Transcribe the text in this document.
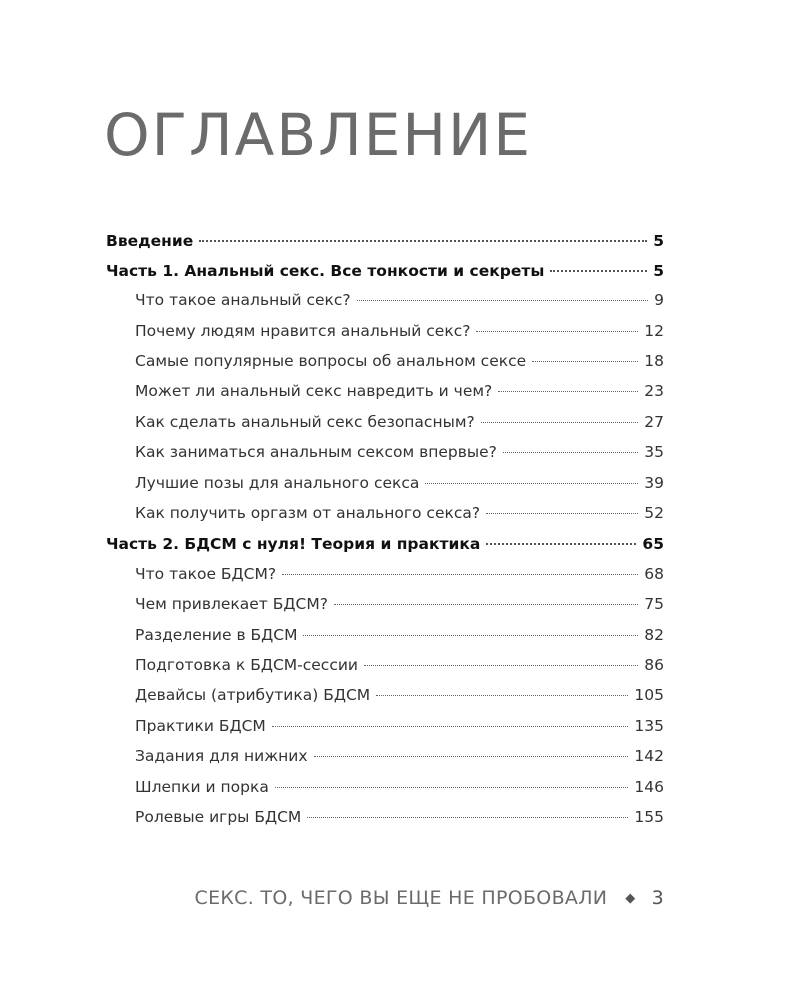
ОГЛАВЛЕНИЕ
Введение	5
Часть 1. Анальный секс. Все тонкости и секреты	5
Что такое анальный секс?	9
Почему людям нравится анальный секс?	12
Самые популярные вопросы об анальном сексе	18
Может ли анальный секс навредить и чем?	23
Как сделать анальный секс безопасным?	27
Как заниматься анальным сексом впервые?	35
Лучшие позы для анального секса	39
Как получить оргазм от анального секса?	52
Часть 2. БДСМ с нуля! Теория и практика	65
Что такое БДСМ?	68
Чем привлекает БДСМ?	75
Разделение в БДСМ	82
Подготовка к БДСМ-сессии	86
Девайсы (атрибутика) БДСМ	105
Практики БДСМ	135
Задания для нижних	142
Шлепки и порка	146
Ролевые игры БДСМ	155
СЕКС. ТО, ЧЕГО ВЫ ЕЩЕ НЕ ПРОБОВАЛИ ◆ 3
